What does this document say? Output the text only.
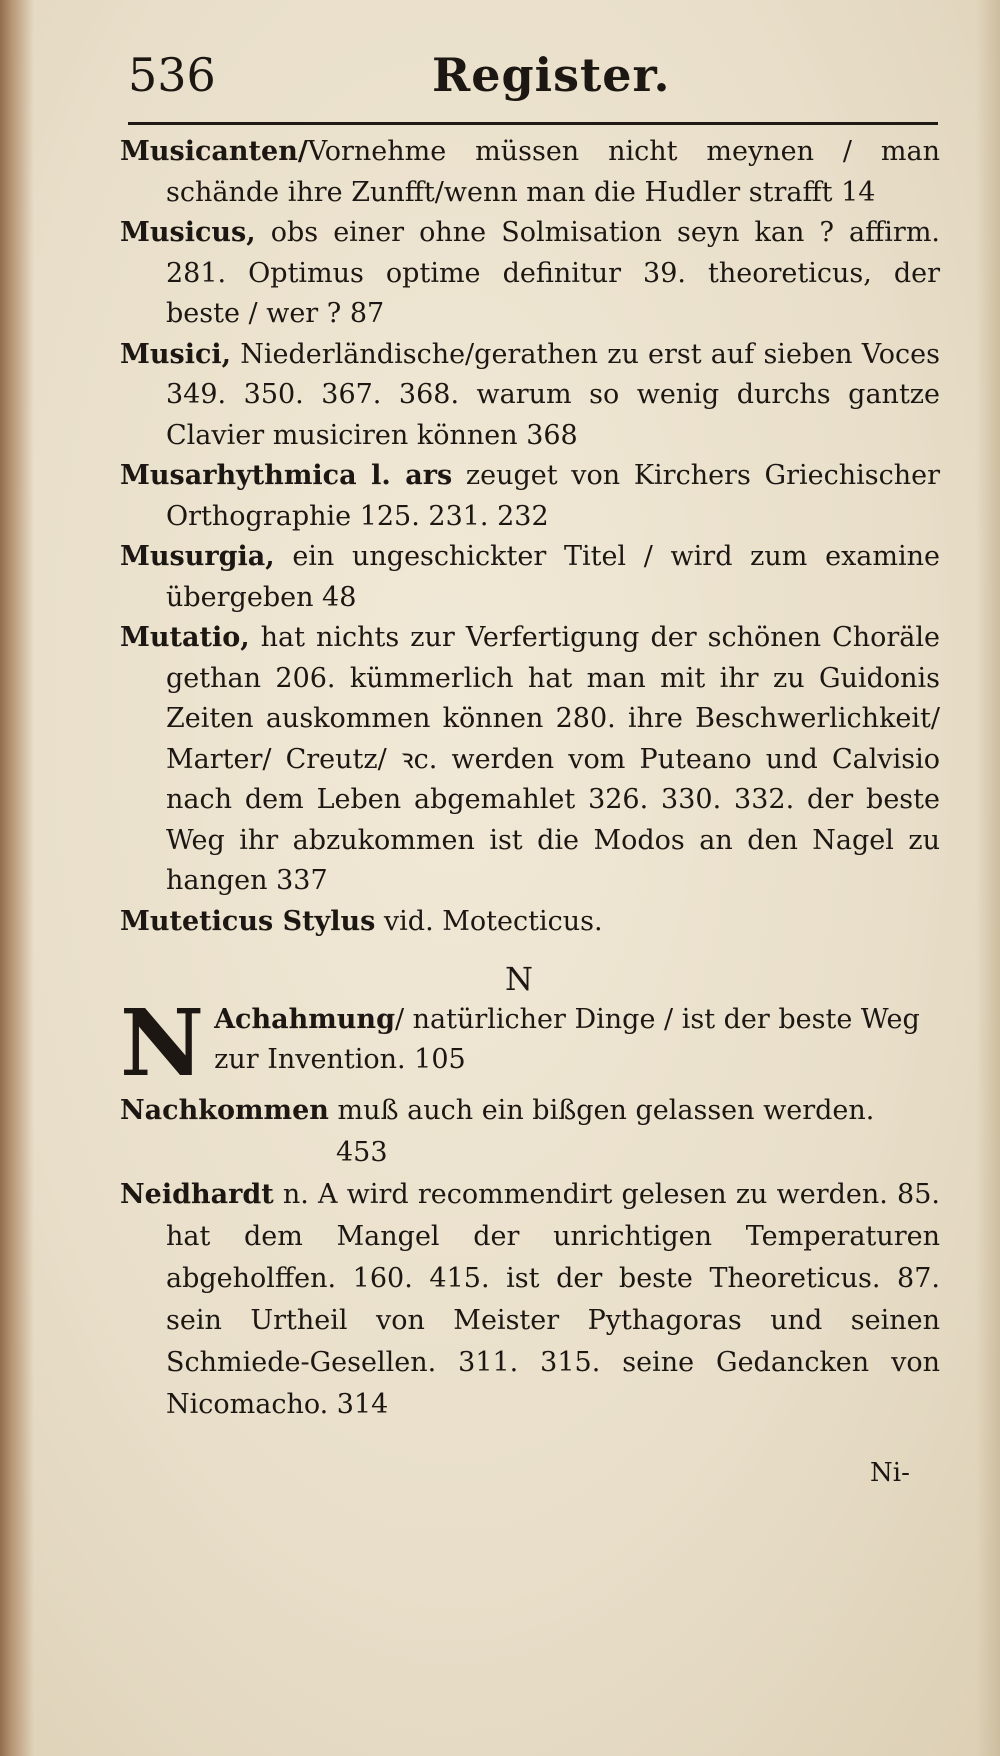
536	Register.

Musicanten/Vornehme müssen nicht meynen / man schände ihre Zunfft/wenn man die Hudler strafft 14

Musicus, obs einer ohne Solmisation seyn kan ? affirm. 281. Optimus optime definitur 39. theoreticus, der beste / wer ? 87

Musici, Niederländische/gerathen zu erst auf sieben Voces 349. 350. 367. 368. warum so wenig durchs gantze Clavier musiciren können 368

Musarhythmica l. ars zeuget von Kirchers Griechischer Orthographie 125. 231. 232

Musurgia, ein ungeschickter Titel / wird zum examine übergeben 48

Mutatio, hat nichts zur Verfertigung der schönen Choräle gethan 206. kümmerlich hat man mit ihr zu Guidonis Zeiten auskommen können 280. ihre Beschwerlichkeit/ Marter/ Creutz/ ꝛc. werden vom Puteano und Calvisio nach dem Leben abgemahlet 326. 330. 332. der beste Weg ihr abzukommen ist die Modos an den Nagel zu hangen 337

Muteticus Stylus vid. Motecticus.

N
N Achahmung/ natürlicher Dinge / ist der beste Weg zur Invention. 105

Nachkommen muß auch ein bißgen gelassen werden.
453

Neidhardt n. A wird recommendirt gelesen zu werden. 85. hat dem Mangel der unrichtigen Temperaturen abgeholffen. 160. 415. ist der beste Theoreticus. 87. sein Urtheil von Meister Pythagoras und seinen Schmiede-Gesellen. 311. 315. seine Gedancken von Nicomacho. 314

Ni-
